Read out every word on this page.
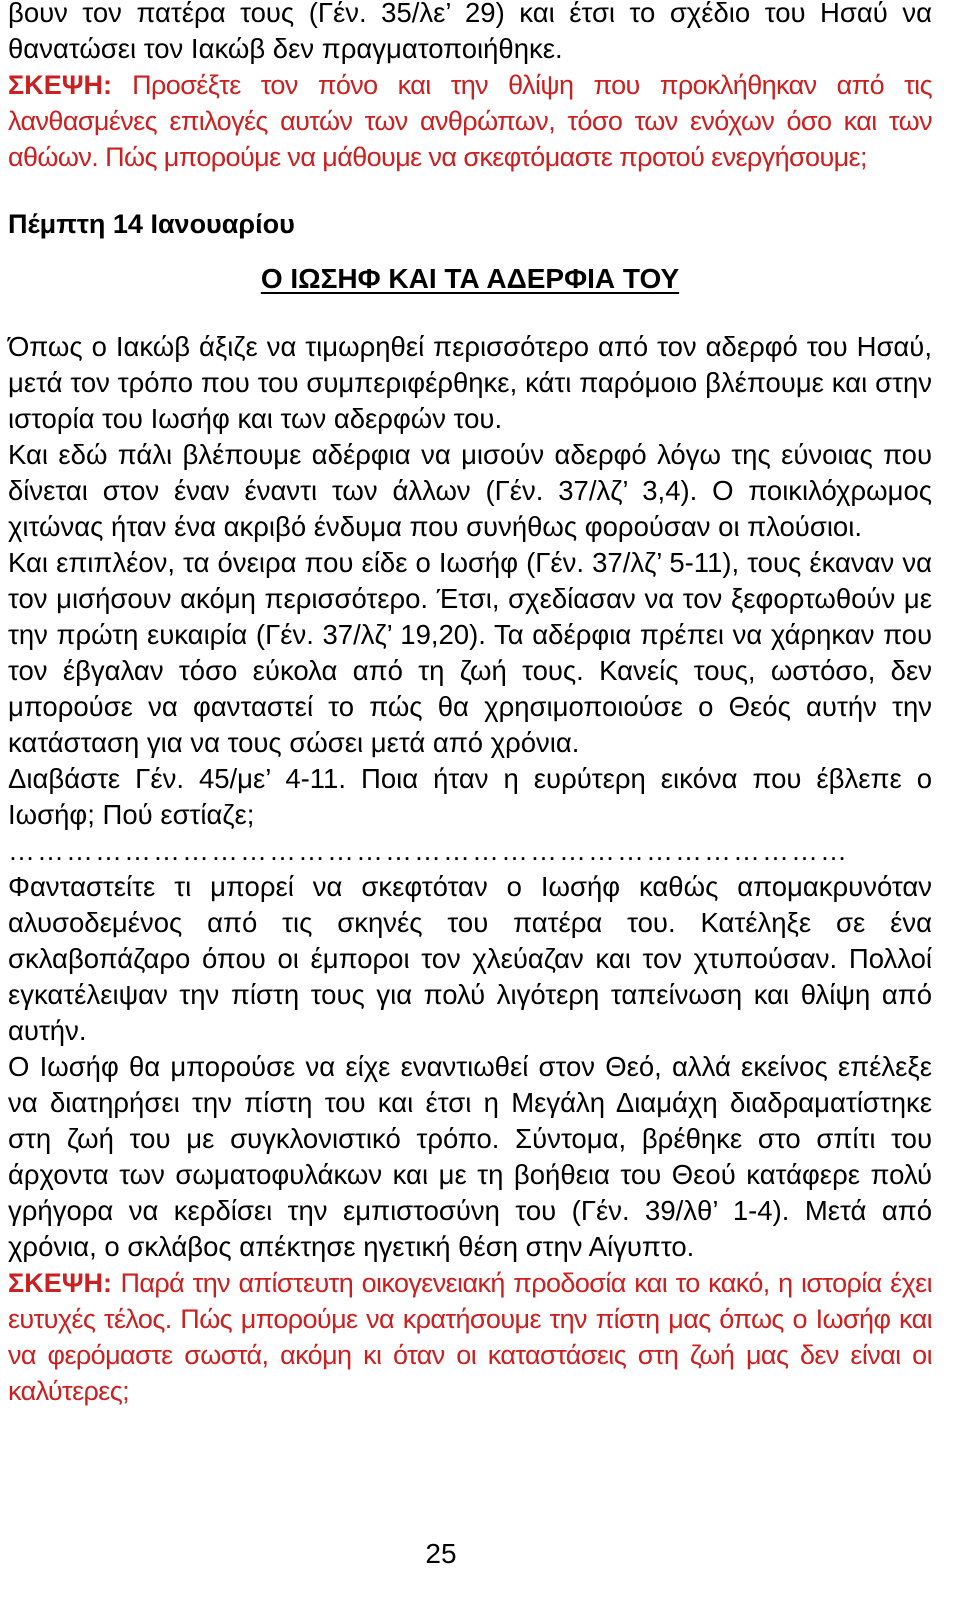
βουν τον πατέρα τους (Γέν. 35/λε’ 29) και έτσι το σχέδιο του Ησαύ να θανατώσει τον Ιακώβ δεν πραγματοποιήθηκε.

ΣΚΕΨΗ: Προσέξτε τον πόνο και την θλίψη που προκλήθηκαν από τις λανθασμένες επιλογές αυτών των ανθρώπων, τόσο των ενόχων όσο και των αθώων. Πώς μπορούμε να μάθουμε να σκεφτόμαστε προτού ενεργήσουμε;

Πέμπτη 14 Ιανουαρίου

Ο ΙΩΣΗΦ ΚΑΙ ΤΑ ΑΔΕΡΦΙΑ ΤΟΥ

Όπως ο Ιακώβ άξιζε να τιμωρηθεί περισσότερο από τον αδερφό του Ησαύ, μετά τον τρόπο που του συμπεριφέρθηκε, κάτι παρόμοιο βλέπουμε και στην ιστορία του Ιωσήφ και των αδερφών του.

Και εδώ πάλι βλέπουμε αδέρφια να μισούν αδερφό λόγω της εύνοιας που δίνεται στον έναν έναντι των άλλων (Γέν. 37/λζ’ 3,4). Ο ποικιλόχρωμος χιτώνας ήταν ένα ακριβό ένδυμα που συνήθως φορούσαν οι πλούσιοι.

Και επιπλέον, τα όνειρα που είδε ο Ιωσήφ (Γέν. 37/λζ’ 5-11), τους έκαναν να τον μισήσουν ακόμη περισσότερο. Έτσι, σχεδίασαν να τον ξεφορτωθούν με την πρώτη ευκαιρία (Γέν. 37/λζ’ 19,20). Τα αδέρφια πρέπει να χάρηκαν που τον έβγαλαν τόσο εύκολα από τη ζωή τους. Κανείς τους, ωστόσο, δεν μπορούσε να φανταστεί το πώς θα χρησιμοποιούσε ο Θεός αυτήν την κατάσταση για να τους σώσει μετά από χρόνια.

Διαβάστε Γέν. 45/με’ 4-11. Ποια ήταν η ευρύτερη εικόνα που έβλεπε ο Ιωσήφ; Πού εστίαζε;

……………………………………………………………………………

Φανταστείτε τι μπορεί να σκεφτόταν ο Ιωσήφ καθώς απομακρυνόταν αλυσοδεμένος από τις σκηνές του πατέρα του. Κατέληξε σε ένα σκλαβοπάζαρο όπου οι έμποροι τον χλεύαζαν και τον χτυπούσαν. Πολλοί εγκατέλειψαν την πίστη τους για πολύ λιγότερη ταπείνωση και θλίψη από αυτήν.

Ο Ιωσήφ θα μπορούσε να είχε εναντιωθεί στον Θεό, αλλά εκείνος επέλεξε να διατηρήσει την πίστη του και έτσι η Μεγάλη Διαμάχη διαδραματίστηκε στη ζωή του με συγκλονιστικό τρόπο. Σύντομα, βρέθηκε στο σπίτι του άρχοντα των σωματοφυλάκων και με τη βοήθεια του Θεού κατάφερε πολύ γρήγορα να κερδίσει την εμπιστοσύνη του (Γέν. 39/λθ’ 1-4). Μετά από χρόνια, ο σκλάβος απέκτησε ηγετική θέση στην Αίγυπτο.

ΣΚΕΨΗ: Παρά την απίστευτη οικογενειακή προδοσία και το κακό, η ιστορία έχει ευτυχές τέλος. Πώς μπορούμε να κρατήσουμε την πίστη μας όπως ο Ιωσήφ και να φερόμαστε σωστά, ακόμη κι όταν οι καταστάσεις στη ζωή μας δεν είναι οι καλύτερες;

25
